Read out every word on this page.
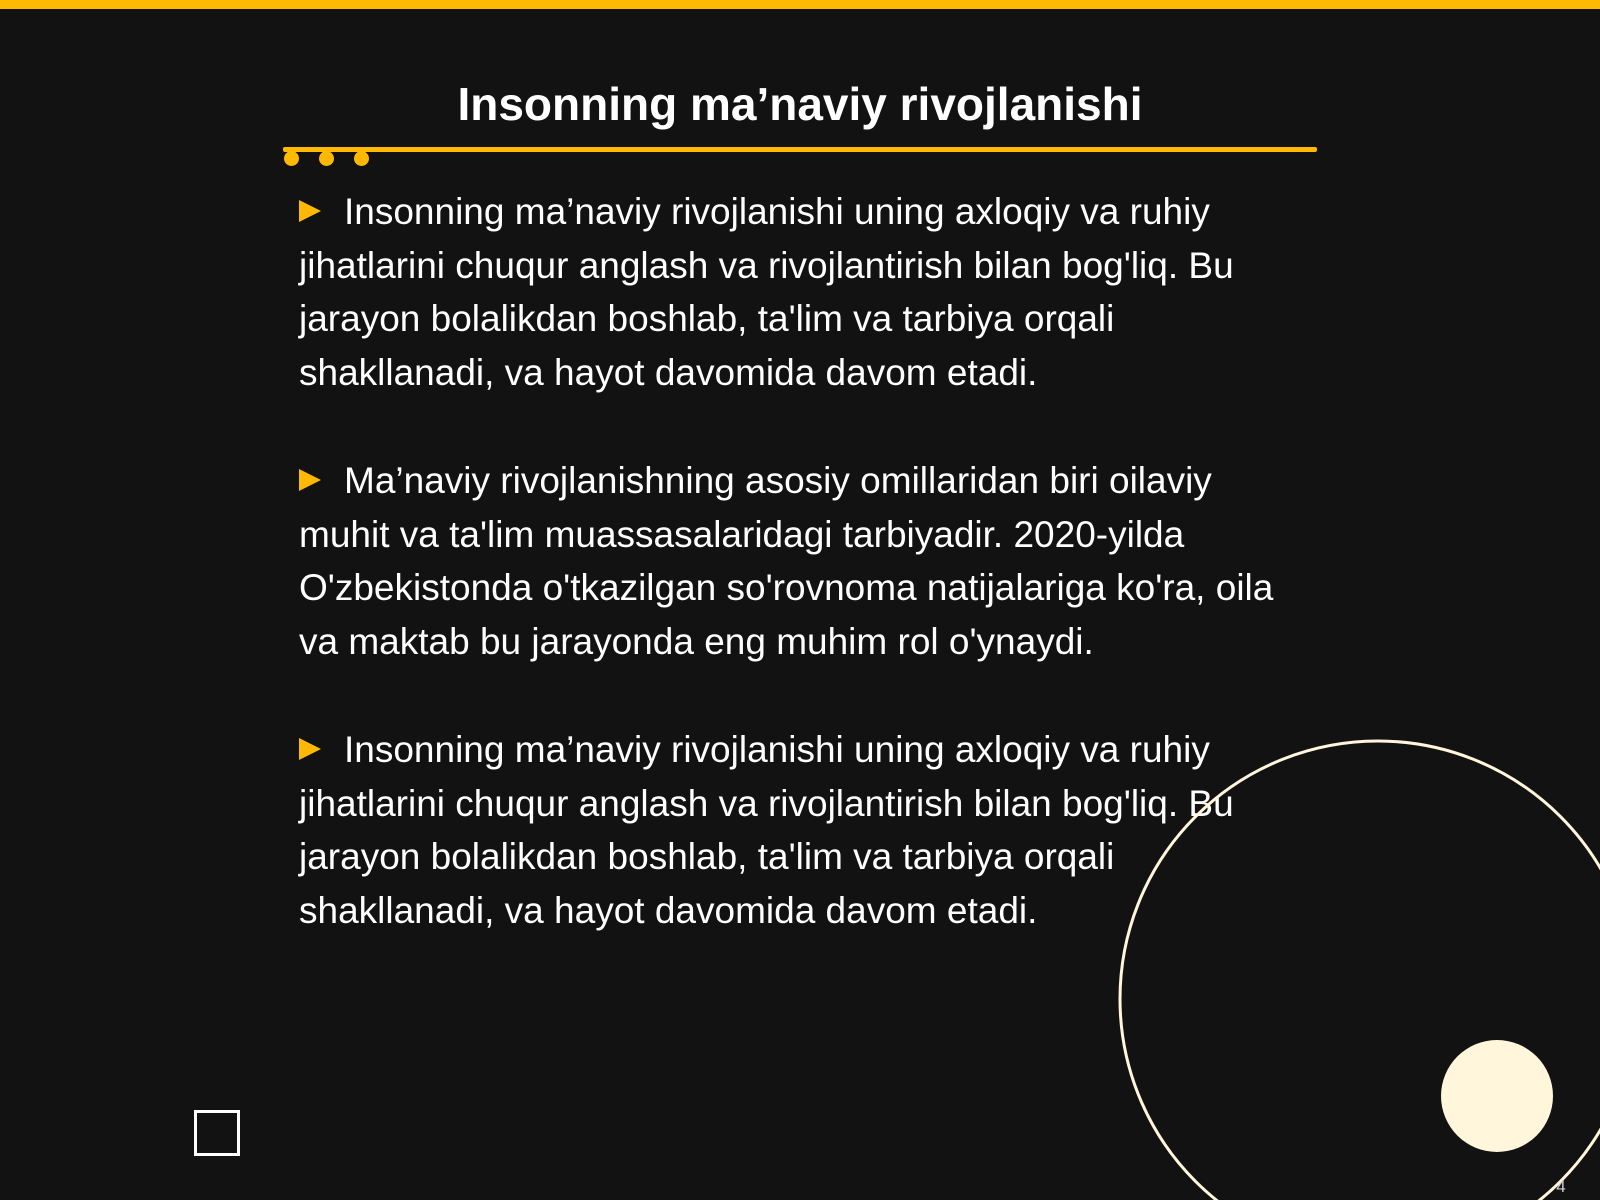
Insonning ma’naviy rivojlanishi

Insonning ma’naviy rivojlanishi uning axloqiy va ruhiy jihatlarini chuqur anglash va rivojlantirish bilan bog'liq. Bu jarayon bolalikdan boshlab, ta'lim va tarbiya orqali shakllanadi, va hayot davomida davom etadi.

Ma’naviy rivojlanishning asosiy omillaridan biri oilaviy muhit va ta'lim muassasalaridagi tarbiyadir. 2020-yilda O'zbekistonda o'tkazilgan so'rovnoma natijalariga ko'ra, oila va maktab bu jarayonda eng muhim rol o'ynaydi.

Insonning ma’naviy rivojlanishi uning axloqiy va ruhiy jihatlarini chuqur anglash va rivojlantirish bilan bog'liq. Bu jarayon bolalikdan boshlab, ta'lim va tarbiya orqali shakllanadi, va hayot davomida davom etadi.

4
